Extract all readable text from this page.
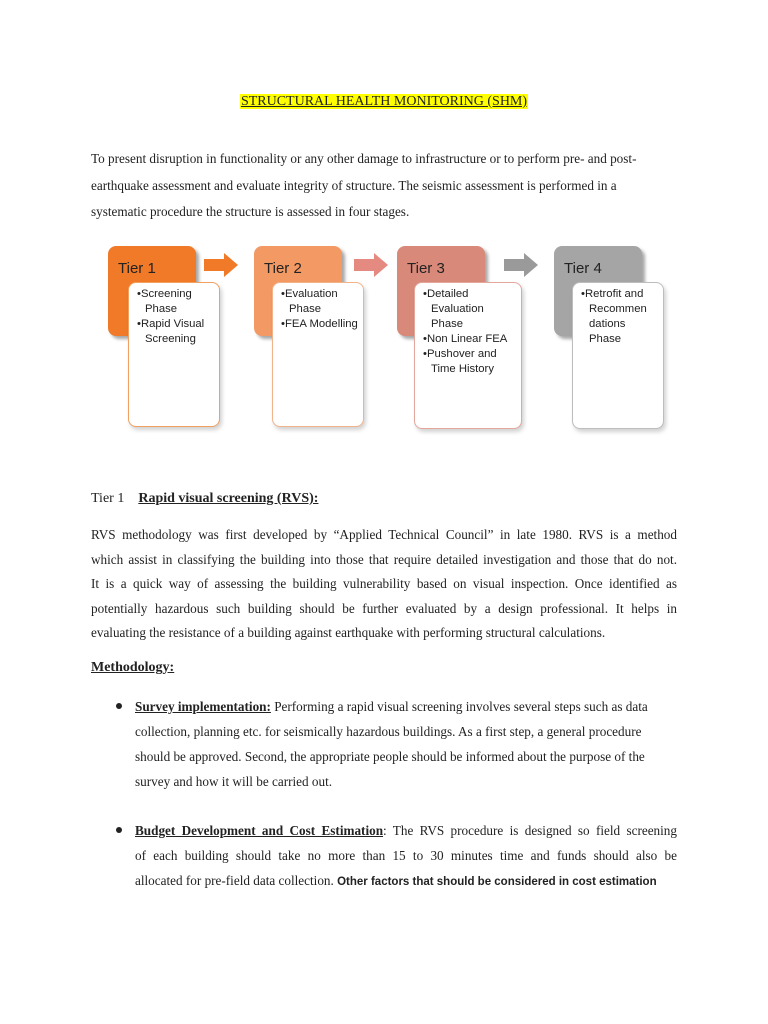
STRUCTURAL HEALTH MONITORING (SHM)
To present disruption in functionality or any other damage to infrastructure or to perform pre- and post-
earthquake assessment and evaluate integrity of structure. The seismic assessment is performed in a
systematic procedure the structure is assessed in four stages.
Tier 1
•Screening Phase
•Rapid Visual Screening
Tier 2
•Evaluation Phase
•FEA Modelling
Tier 3
•Detailed Evaluation Phase
•Non Linear FEA
•Pushover and Time History
Tier 4
•Retrofit and Recommen dations Phase
Tier 1 Rapid visual screening (RVS):
RVS methodology was first developed by “Applied Technical Council” in late 1980. RVS is a method
which assist in classifying the building into those that require detailed investigation and those that do not.
It is a quick way of assessing the building vulnerability based on visual inspection. Once identified as
potentially hazardous such building should be further evaluated by a design professional. It helps in
evaluating the resistance of a building against earthquake with performing structural calculations.
Methodology:
Survey implementation: Performing a rapid visual screening involves several steps such as data
collection, planning etc. for seismically hazardous buildings. As a first step, a general procedure
should be approved. Second, the appropriate people should be informed about the purpose of the
survey and how it will be carried out.
Budget Development and Cost Estimation: The RVS procedure is designed so field screening
of each building should take no more than 15 to 30 minutes time and funds should also be
allocated for pre-field data collection. Other factors that should be considered in cost estimation
